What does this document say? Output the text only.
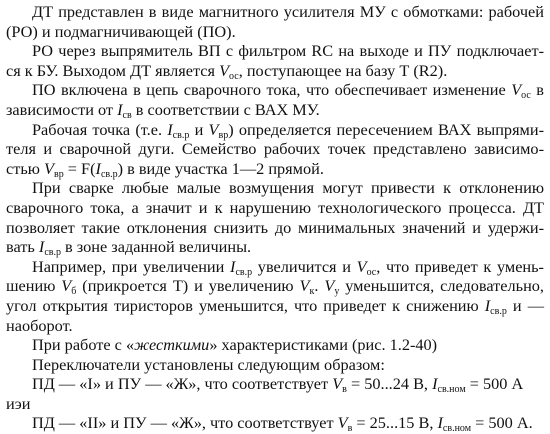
ДТ представлен в виде магнитного усилителя МУ с обмотками: рабочей (РО) и подмагничивающей (ПО).

РО через выпрямитель ВП с фильтром RC на выходе и ПУ подключает-ся к БУ. Выходом ДТ является $V_{ос}$, поступающее на базу Т (R2).

ПО включена в цепь сварочного тока, что обеспечивает изменение $V_{ос}$ в зависимости от $I_{св}$ в соответствии с ВАХ МУ.

Рабочая точка (т.е. $I_{св.р}$ и $V_{вр}$) определяется пересечением ВАХ выпрями-теля и сварочной дуги. Семейство рабочих точек представлено зависимо-стью $V_{вр} = F(I_{св.р})$ в виде участка 1—2 прямой.

При сварке любые малые возмущения могут привести к отклонению сварочного тока, а значит и к нарушению технологического процесса. ДТ позволяет такие отклонения снизить до минимальных значений и удержи-вать $I_{св.р}$ в зоне заданной величины.

Например, при увеличении $I_{св.р}$ увеличится и $V_{ос}$, что приведет к умень-шению $V_б$ (прикроется Т) и увеличению $V_к$. $V_у$ уменьшится, следовательно, угол открытия тиристоров уменьшится, что приведет к снижению $I_{св.р}$ и — наоборот.

При работе с «жесткими» характеристиками (рис. 1.2-40)

Переключатели установлены следующим образом:

ПД — «I» и ПУ — «Ж», что соответствует $V_в = 50...24$ В, $I_{св.ном} = 500$ А

иэи

ПД — «II» и ПУ — «Ж», что соответствует $V_в = 25...15$ В, $I_{св.ном} = 500$ А.
